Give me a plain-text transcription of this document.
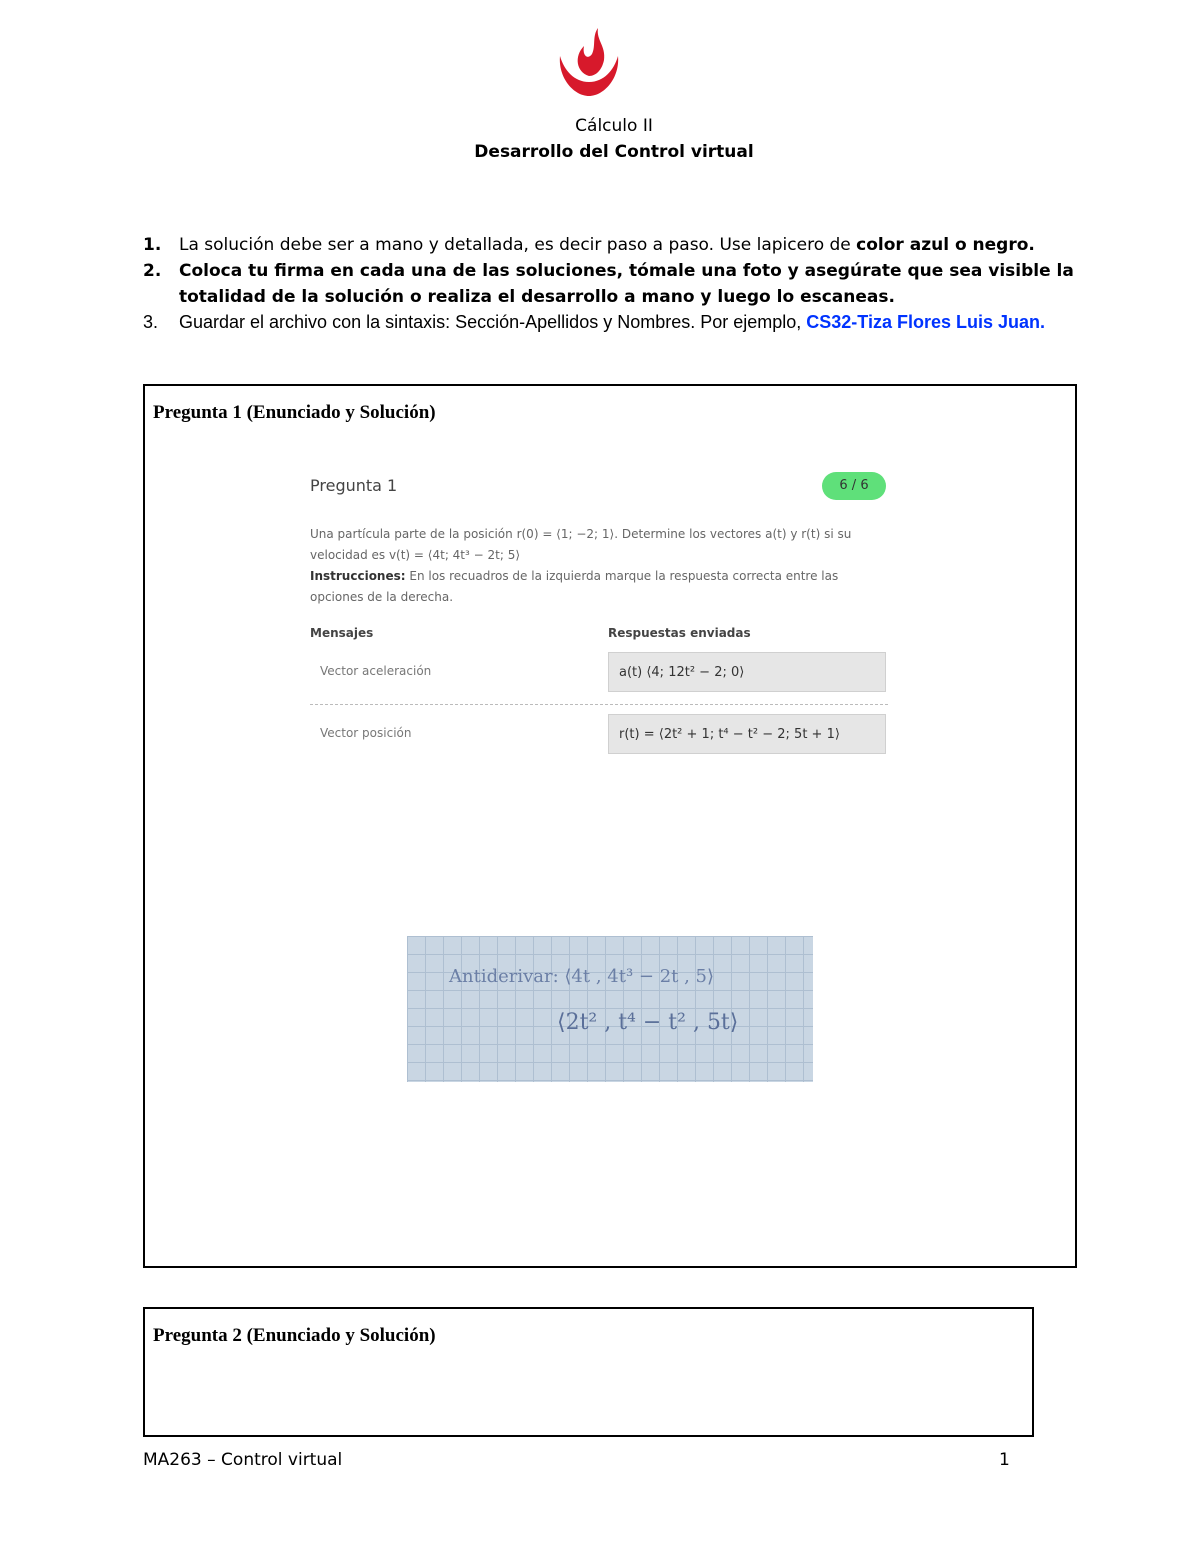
Cálculo II
Desarrollo del Control virtual
1. La solución debe ser a mano y detallada, es decir paso a paso. Use lapicero de color azul o negro.
2. Coloca tu firma en cada una de las soluciones, tómale una foto y asegúrate que sea visible la totalidad de la solución o realiza el desarrollo a mano y luego lo escaneas.
3. Guardar el archivo con la sintaxis: Sección-Apellidos y Nombres. Por ejemplo, CS32-Tiza Flores Luis Juan.
Pregunta 1 (Enunciado y Solución)
Pregunta 1	6 / 6
Una partícula parte de la posición r(0) = ⟨1; −2; 1⟩. Determine los vectores a(t) y r(t) si su velocidad es v(t) = ⟨4t; 4t³ − 2t; 5⟩
Instrucciones: En los recuadros de la izquierda marque la respuesta correcta entre las opciones de la derecha.
Mensajes	Respuestas enviadas
Vector aceleración	a(t) ⟨4; 12t² − 2; 0⟩
Vector posición	r(t) = ⟨2t² + 1; t⁴ − t² − 2; 5t + 1⟩
Antiderivar: ⟨4t , 4t³ − 2t , 5⟩
⟨2t² , t⁴ − t² , 5t⟩
Pregunta 2 (Enunciado y Solución)
MA263 – Control virtual	1
